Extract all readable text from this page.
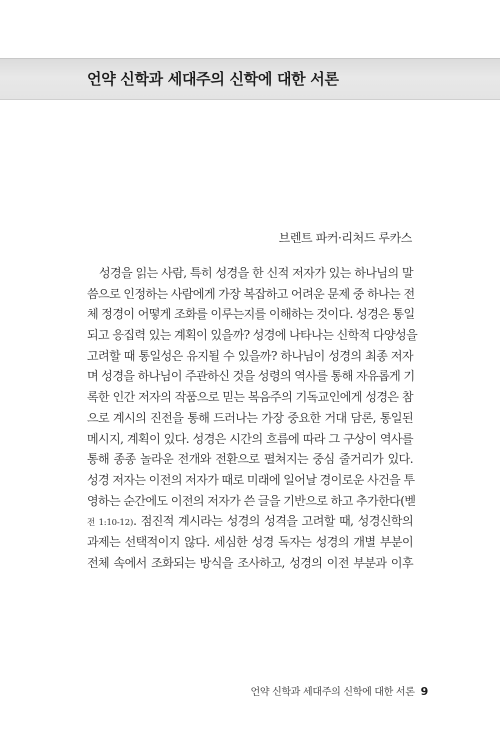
언약 신학과 세대주의 신학에 대한 서론
브렌트 파커·리처드 루카스
성경을 읽는 사람, 특히 성경을 한 신적 저자가 있는 하나님의 말
씀으로 인정하는 사람에게 가장 복잡하고 어려운 문제 중 하나는 전
체 정경이 어떻게 조화를 이루는지를 이해하는 것이다. 성경은 통일
되고 응집력 있는 계획이 있을까? 성경에 나타나는 신학적 다양성을
고려할 때 통일성은 유지될 수 있을까? 하나님이 성경의 최종 저자
며 성경을 하나님이 주관하신 것을 성령의 역사를 통해 자유롭게 기
록한 인간 저자의 작품으로 믿는 복음주의 기독교인에게 성경은 참
으로 계시의 진전을 통해 드러나는 가장 중요한 거대 담론, 통일된
메시지, 계획이 있다. 성경은 시간의 흐름에 따라 그 구상이 역사를
통해 종종 놀라운 전개와 전환으로 펼쳐지는 중심 줄거리가 있다.
성경 저자는 이전의 저자가 때로 미래에 일어날 경이로운 사건을 투
영하는 순간에도 이전의 저자가 쓴 글을 기반으로 하고 추가한다(벧
전 1:10-12). 점진적 계시라는 성경의 성격을 고려할 때, 성경신학의
과제는 선택적이지 않다. 세심한 성경 독자는 성경의 개별 부분이
전체 속에서 조화되는 방식을 조사하고, 성경의 이전 부분과 이후
언약 신학과 세대주의 신학에 대한 서론 9
